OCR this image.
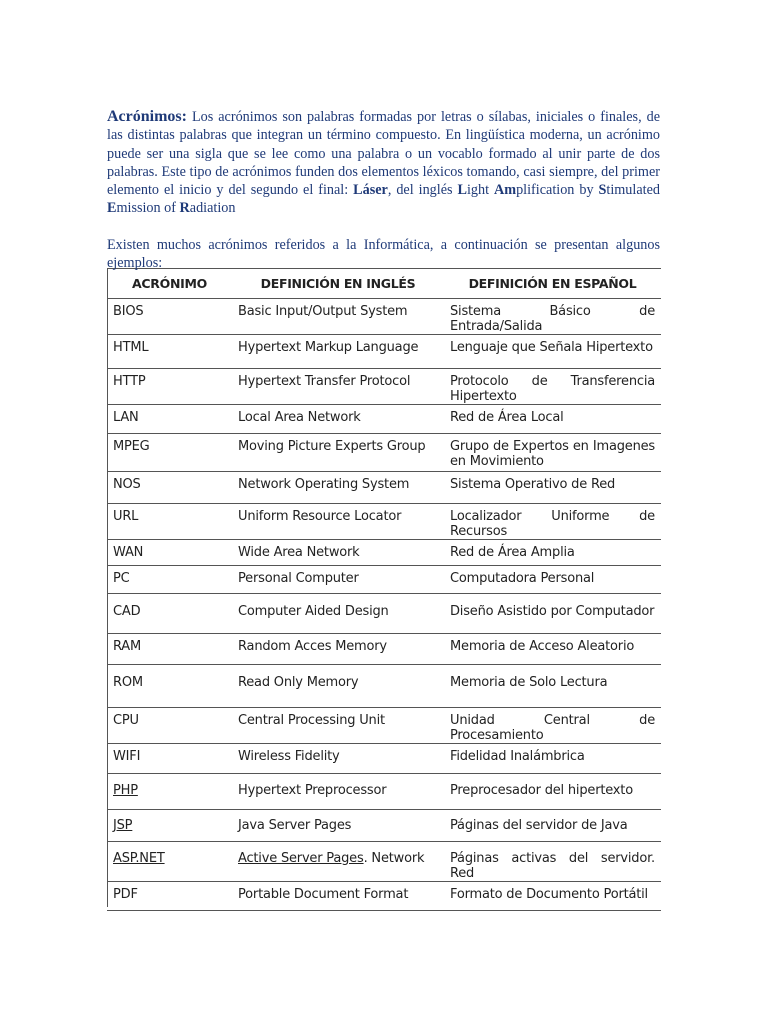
Acrónimos: Los acrónimos son palabras formadas por letras o sílabas, iniciales o finales, de las distintas palabras que integran un término compuesto. En lingüística moderna, un acrónimo puede ser una sigla que se lee como una palabra o un vocablo formado al unir parte de dos palabras. Este tipo de acrónimos funden dos elementos léxicos tomando, casi siempre, del primer elemento el inicio y del segundo el final: Láser, del inglés Light Amplification by Stimulated Emission of Radiation

Existen muchos acrónimos referidos a la Informática, a continuación se presentan algunos ejemplos:

ACRÓNIMO	DEFINICIÓN EN INGLÉS	DEFINICIÓN EN ESPAÑOL
BIOS	Basic Input/Output System	Sistema Básico de Entrada/Salida
HTML	Hypertext Markup Language	Lenguaje que Señala Hipertexto
HTTP	Hypertext Transfer Protocol	Protocolo de Transferencia Hipertexto
LAN	Local Area Network	Red de Área Local
MPEG	Moving Picture Experts Group	Grupo de Expertos en Imagenes en Movimiento
NOS	Network Operating System	Sistema Operativo de Red
URL	Uniform Resource Locator	Localizador Uniforme de Recursos
WAN	Wide Area Network	Red de Área Amplia
PC	Personal Computer	Computadora Personal
CAD	Computer Aided Design	Diseño Asistido por Computador
RAM	Random Acces Memory	Memoria de Acceso Aleatorio
ROM	Read Only Memory	Memoria de Solo Lectura
CPU	Central Processing Unit	Unidad Central de Procesamiento
WIFI	Wireless Fidelity	Fidelidad Inalámbrica
PHP	Hypertext Preprocessor	Preprocesador del hipertexto
JSP	Java Server Pages	Páginas del servidor de Java
ASP.NET	Active Server Pages. Network	Páginas activas del servidor. Red
PDF	Portable Document Format	Formato de Documento Portátil
